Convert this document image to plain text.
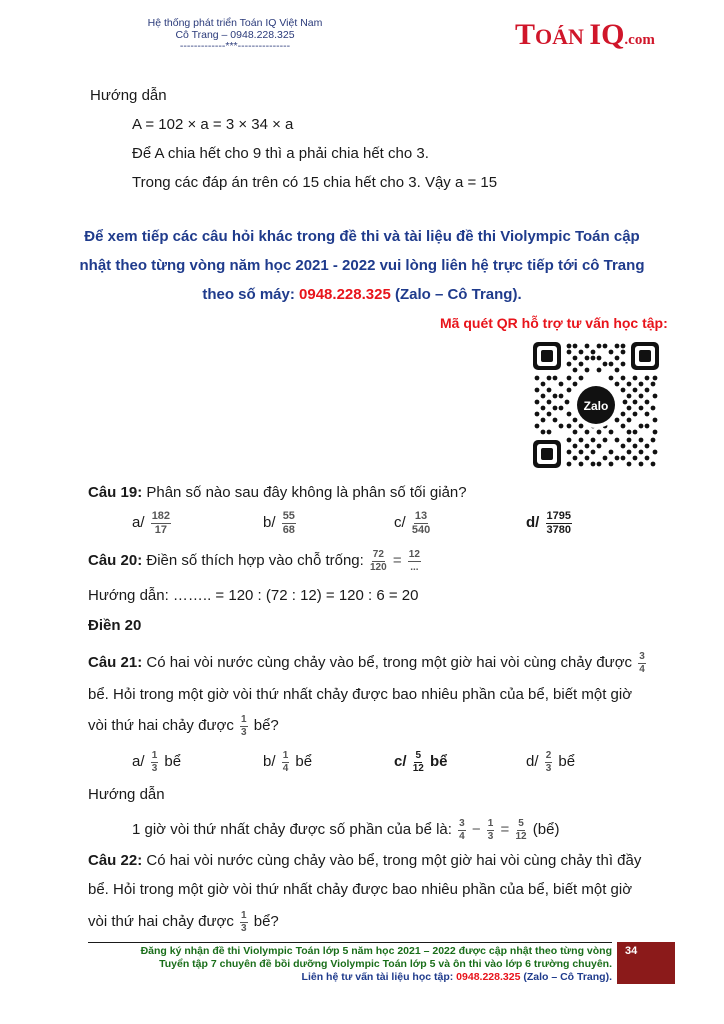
Hệ thống phát triển Toán IQ Việt Nam
Cô Trang – 0948.228.325
-------------***---------------	TOÁN IQ.com
Hướng dẫn
A = 102 × a = 3 × 34 × a
Để A chia hết cho 9 thì a phải chia hết cho 3.
Trong các đáp án trên có 15 chia hết cho 3. Vậy a = 15
Để xem tiếp các câu hỏi khác trong đề thi và tài liệu đề thi Violympic Toán cập
nhật theo từng vòng năm học 2021 - 2022 vui lòng liên hệ trực tiếp tới cô Trang
theo số máy: 0948.228.325 (Zalo – Cô Trang).
Mã quét QR hỗ trợ tư vấn học tập:
Zalo
Câu 19: Phân số nào sau đây không là phân số tối giản?
$a/ \frac{182}{17}$	$b/ \frac{55}{68}$	$c/ \frac{13}{540}$	$d/ \frac{1795}{3780}$
Câu 20: Điền số thích hợp vào chỗ trống: $\frac{72}{120} = \frac{12}{...}$
Hướng dẫn: …….. = 120 : (72 : 12) = 120 : 6 = 20
Điền 20
Câu 21: Có hai vòi nước cùng chảy vào bể, trong một giờ hai vòi cùng chảy được $\frac{3}{4}$
bể. Hỏi trong một giờ vòi thứ nhất chảy được bao nhiêu phần của bể, biết một giờ
vòi thứ hai chảy được $\frac{1}{3}$ bể?
$a/ \frac{1}{3}$ bể	$b/ \frac{1}{4}$ bể	$c/ \frac{5}{12}$ bể	$d/ \frac{2}{3}$ bể
Hướng dẫn
1 giờ vòi thứ nhất chảy được số phần của bể là: $\frac{3}{4} - \frac{1}{3} = \frac{5}{12}$ (bể)
Câu 22: Có hai vòi nước cùng chảy vào bể, trong một giờ hai vòi cùng chảy thì đầy
bể. Hỏi trong một giờ vòi thứ nhất chảy được bao nhiêu phần của bể, biết một giờ
vòi thứ hai chảy được $\frac{1}{3}$ bể?
Đăng ký nhận đề thi Violympic Toán lớp 5 năm học 2021 – 2022 được cập nhật theo từng vòng
Tuyển tập 7 chuyên đề bồi dưỡng Violympic Toán lớp 5 và ôn thi vào lớp 6 trường chuyên.
Liên hệ tư vấn tài liệu học tập: 0948.228.325 (Zalo – Cô Trang).
34
